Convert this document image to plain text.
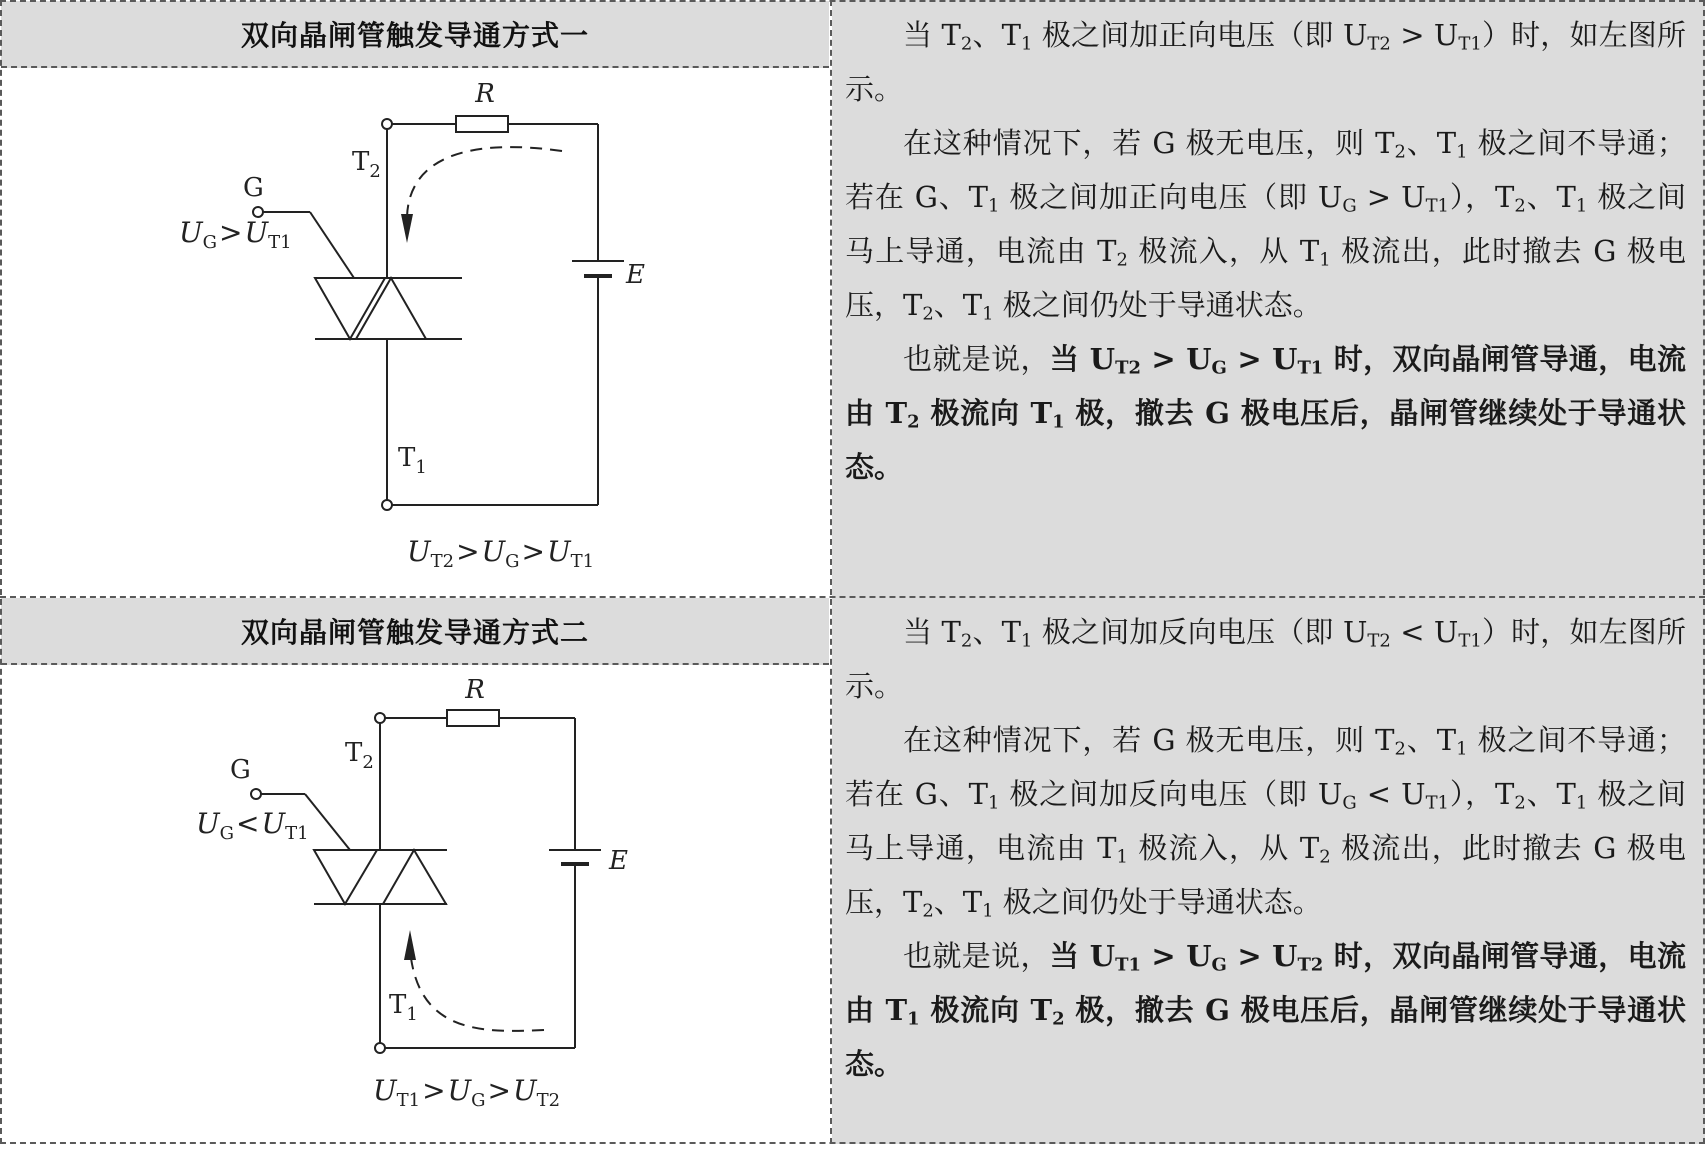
双向晶闸管触发导通方式一
R
E
$T_2$
G
$T_1$
$U_G>U_{T1}$
$U_{T2}>U_G>U_{T1}$

当 $T_2$、$T_1$ 极之间加正向电压（即 $U_{T2} > U_{T1}$）时，如左图所示。

在这种情况下，若 G 极无电压，则 $T_2$、$T_1$ 极之间不导通；若在 G、$T_1$ 极之间加正向电压（即 $U_G > U_{T1}$），$T_2$、$T_1$ 极之间马上导通，电流由 $T_2$ 极流入，从 $T_1$ 极流出，此时撤去 G 极电压，$T_2$、$T_1$ 极之间仍处于导通状态。

也就是说，当 $U_{T2} > U_G > U_{T1}$ 时，双向晶闸管导通，电流由 $T_2$ 极流向 $T_1$ 极，撤去 G 极电压后，晶闸管继续处于导通状态。

双向晶闸管触发导通方式二
R
E
$T_2$
G
$T_1$
$U_G<U_{T1}$
$U_{T1}>U_G>U_{T2}$

当 $T_2$、$T_1$ 极之间加反向电压（即 $U_{T2} < U_{T1}$）时，如左图所示。

在这种情况下，若 G 极无电压，则 $T_2$、$T_1$ 极之间不导通；若在 G、$T_1$ 极之间加反向电压（即 $U_G < U_{T1}$），$T_2$、$T_1$ 极之间马上导通，电流由 $T_1$ 极流入，从 $T_2$ 极流出，此时撤去 G 极电压，$T_2$、$T_1$ 极之间仍处于导通状态。

也就是说，当 $U_{T1} > U_G > U_{T2}$ 时，双向晶闸管导通，电流由 $T_1$ 极流向 $T_2$ 极，撤去 G 极电压后，晶闸管继续处于导通状态。
